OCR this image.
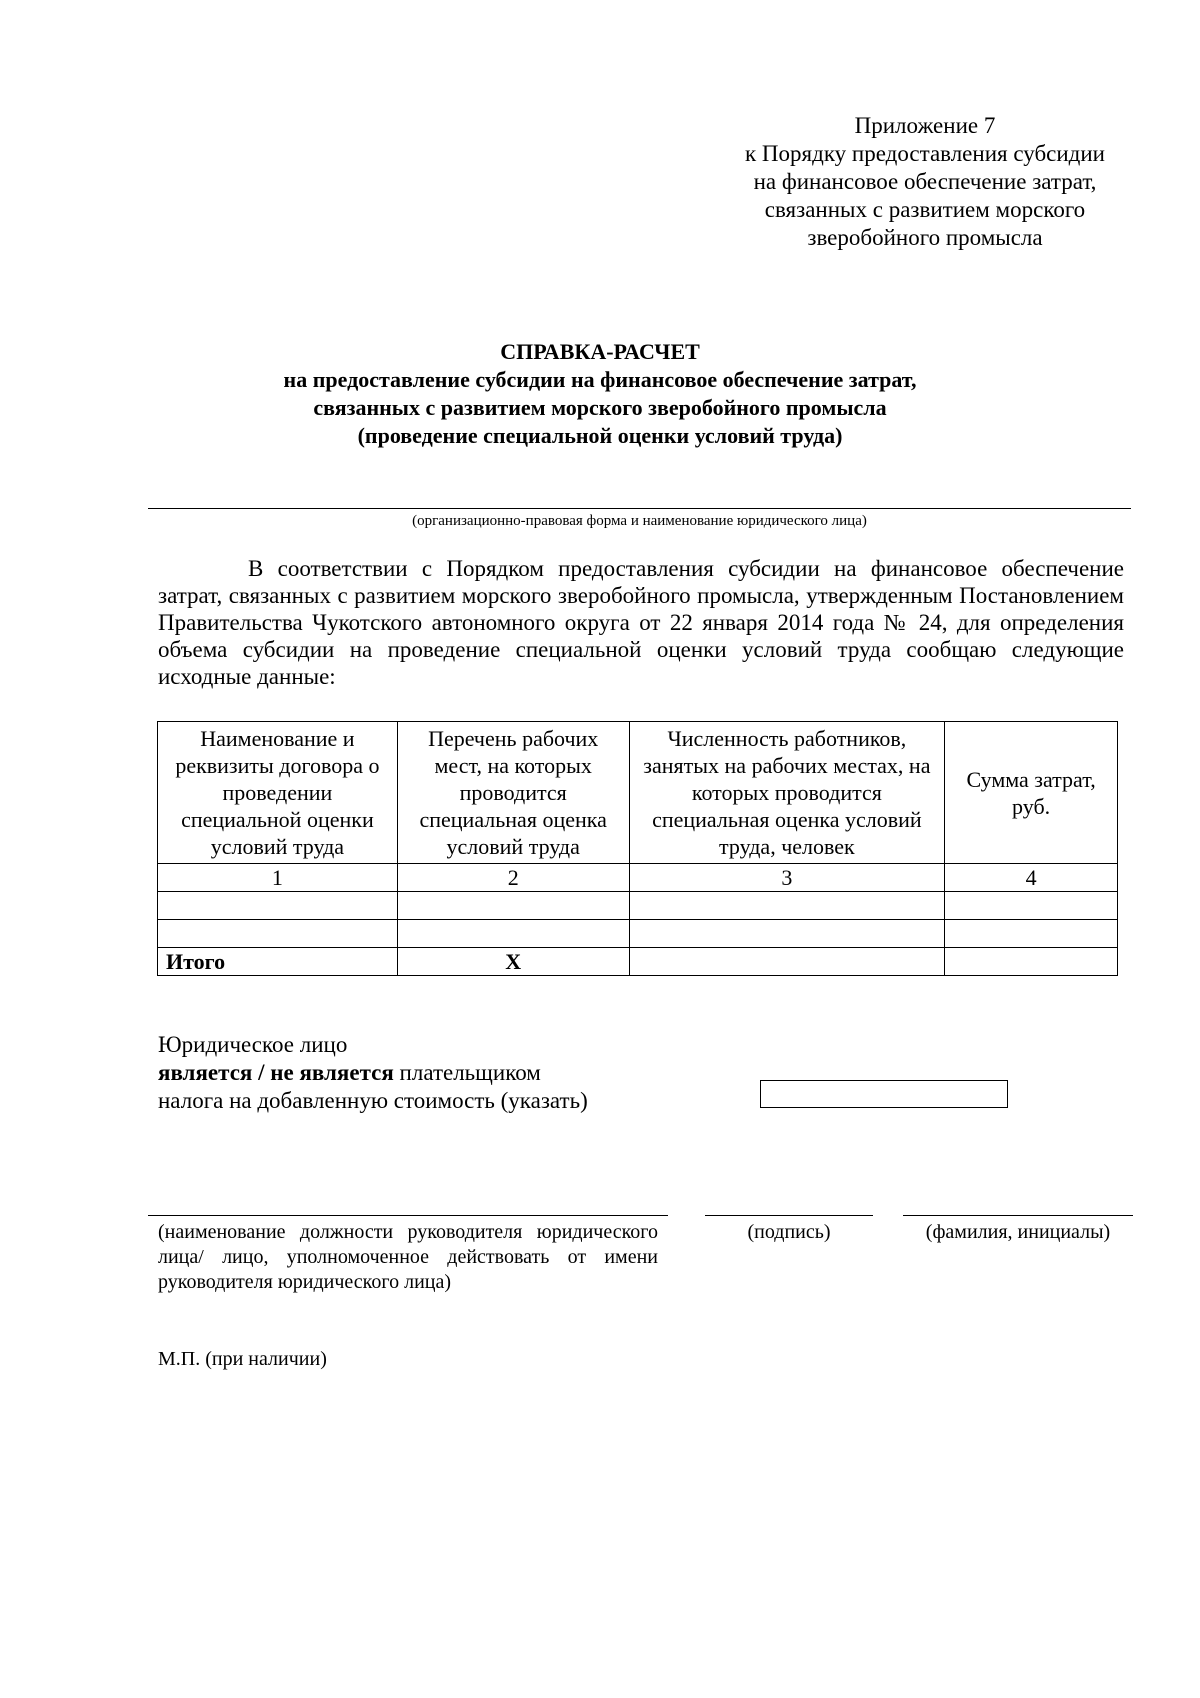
Приложение 7
к Порядку предоставления субсидии
на финансовое обеспечение затрат,
связанных с развитием морского
зверобойного промысла
СПРАВКА-РАСЧЕТ
на предоставление субсидии на финансовое обеспечение затрат,
связанных с развитием морского зверобойного промысла
(проведение специальной оценки условий труда)
(организационно-правовая форма и наименование юридического лица)
В соответствии с Порядком предоставления субсидии на финансовое обеспечение затрат, связанных с развитием морского зверобойного промысла, утвержденным Постановлением Правительства Чукотского автономного округа от 22 января 2014 года № 24, для определения объема субсидии на проведение специальной оценки условий труда сообщаю следующие исходные данные:
Наименование и реквизиты договора о проведении специальной оценки условий труда	Перечень рабочих мест, на которых проводится специальная оценка условий труда	Численность работников, занятых на рабочих местах, на которых проводится специальная оценка условий труда, человек	Сумма затрат, руб.
1	2	3	4

Итого	Х		
Юридическое лицо
является / не является плательщиком
налога на добавленную стоимость (указать)
(наименование должности руководителя юридического лица/ лицо, уполномоченное действовать от имени руководителя юридического лица)
(подпись)	(фамилия, инициалы)
М.П. (при наличии)
